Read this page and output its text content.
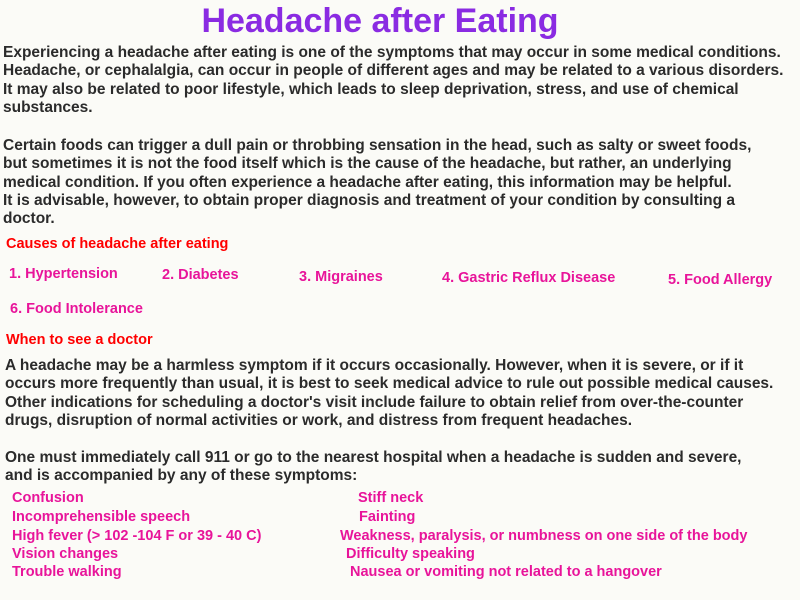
Headache after Eating
Experiencing a headache after eating is one of the symptoms that may occur in some medical conditions.
Headache, or cephalalgia, can occur in people of different ages and may be related to a various disorders.
It may also be related to poor lifestyle, which leads to sleep deprivation, stress, and use of chemical
substances.
Certain foods can trigger a dull pain or throbbing sensation in the head, such as salty or sweet foods,
but sometimes it is not the food itself which is the cause of the headache, but rather, an underlying
medical condition. If you often experience a headache after eating, this information may be helpful.
It is advisable, however, to obtain proper diagnosis and treatment of your condition by consulting a
doctor.
Causes of headache after eating
1. Hypertension	2. Diabetes	3. Migraines	4. Gastric Reflux Disease	5. Food Allergy
6. Food Intolerance
When to see a doctor
A headache may be a harmless symptom if it occurs occasionally. However, when it is severe, or if it
occurs more frequently than usual, it is best to seek medical advice to rule out possible medical causes.
Other indications for scheduling a doctor's visit include failure to obtain relief from over-the-counter
drugs, disruption of normal activities or work, and distress from frequent headaches.
One must immediately call 911 or go to the nearest hospital when a headache is sudden and severe,
and is accompanied by any of these symptoms:
Confusion
Incomprehensible speech
High fever (> 102 -104 F or 39 - 40 C)
Vision changes
Trouble walking
Stiff neck
Fainting
Weakness, paralysis, or numbness on one side of the body
Difficulty speaking
Nausea or vomiting not related to a hangover
